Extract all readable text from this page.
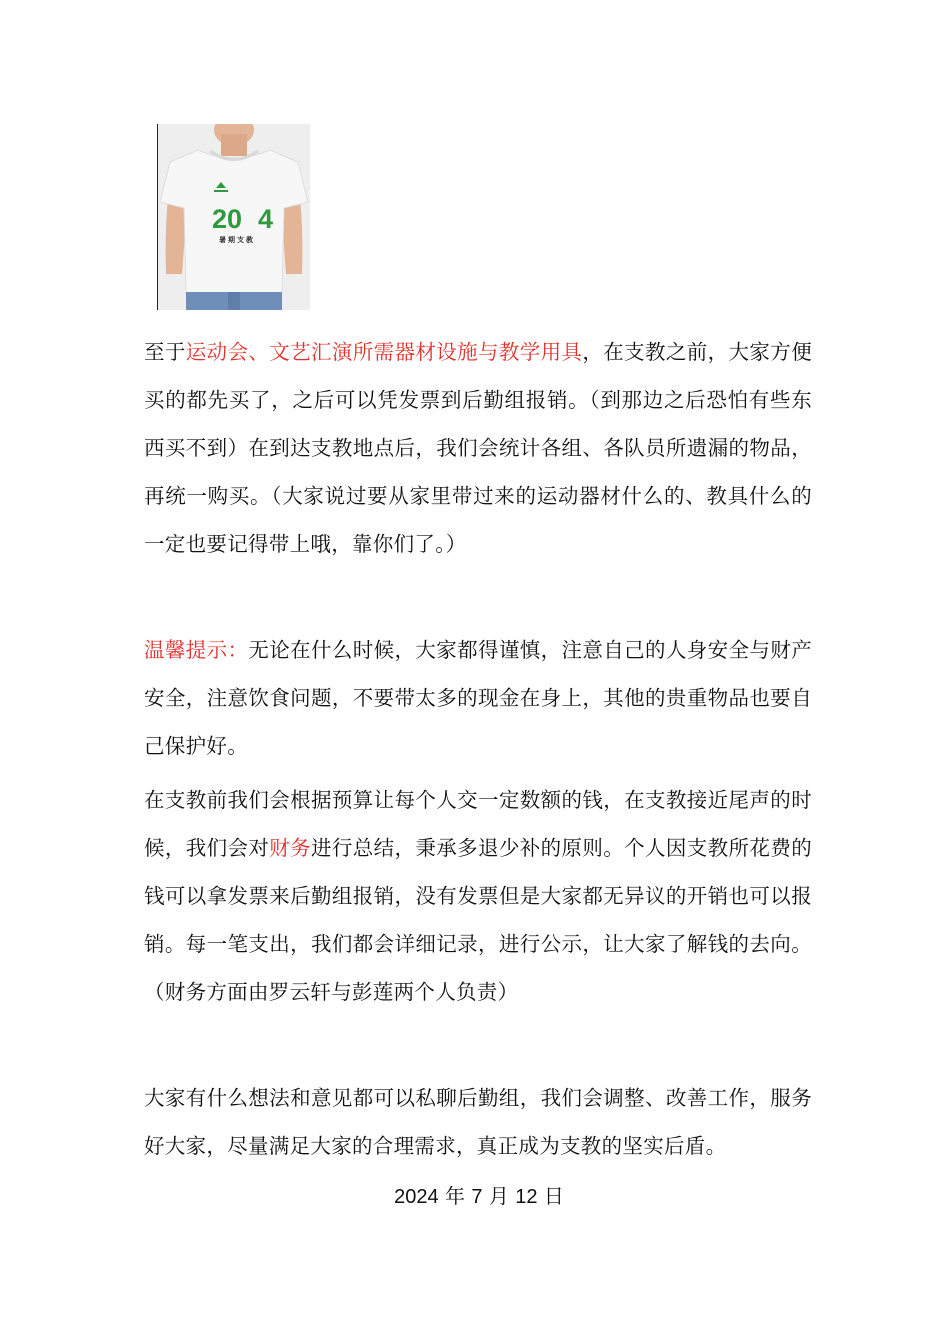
20 4
暑期支教

至于运动会、文艺汇演所需器材设施与教学用具，在支教之前，大家方便买的都先买了，之后可以凭发票到后勤组报销。（到那边之后恐怕有些东西买不到）在到达支教地点后，我们会统计各组、各队员所遗漏的物品，再统一购买。（大家说过要从家里带过来的运动器材什么的、教具什么的一定也要记得带上哦，靠你们了。）

温馨提示：无论在什么时候，大家都得谨慎，注意自己的人身安全与财产安全，注意饮食问题，不要带太多的现金在身上，其他的贵重物品也要自己保护好。

在支教前我们会根据预算让每个人交一定数额的钱，在支教接近尾声的时候，我们会对财务进行总结，秉承多退少补的原则。个人因支教所花费的钱可以拿发票来后勤组报销，没有发票但是大家都无异议的开销也可以报销。每一笔支出，我们都会详细记录，进行公示，让大家了解钱的去向。（财务方面由罗云轩与彭莲两个人负责）

大家有什么想法和意见都可以私聊后勤组，我们会调整、改善工作，服务好大家，尽量满足大家的合理需求，真正成为支教的坚实后盾。

2024 年 7 月 12 日
